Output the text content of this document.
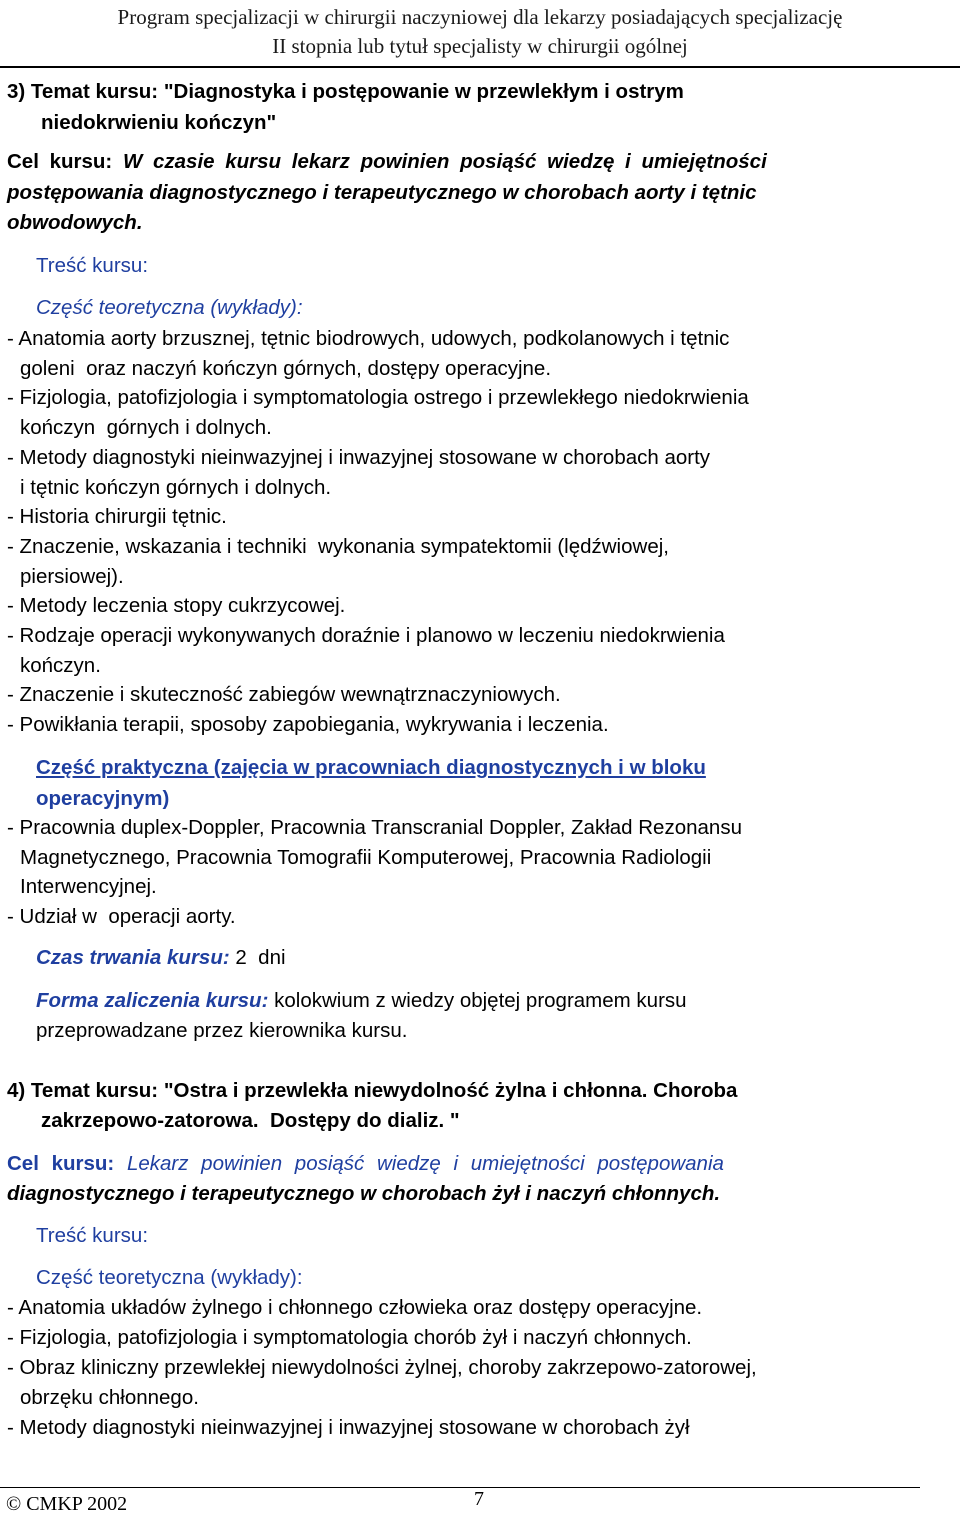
Program specjalizacji w chirurgii naczyniowej dla lekarzy posiadających specjalizację
II stopnia lub tytuł specjalisty w chirurgii ogólnej
3) Temat kursu: "Diagnostyka i postępowanie w przewlekłym i ostrym
niedokrwieniu kończyn"
Cel kursu: W czasie kursu lekarz powinien posiąść wiedzę i umiejętności
postępowania diagnostycznego i terapeutycznego w chorobach aorty i tętnic
obwodowych.
Treść kursu:
Część teoretyczna (wykłady):
- Anatomia aorty brzusznej, tętnic biodrowych, udowych, podkolanowych i tętnic
goleni  oraz naczyń kończyn górnych, dostępy operacyjne.
- Fizjologia, patofizjologia i symptomatologia ostrego i przewlekłego niedokrwienia
kończyn  górnych i dolnych.
- Metody diagnostyki nieinwazyjnej i inwazyjnej stosowane w chorobach aorty
i tętnic kończyn górnych i dolnych.
- Historia chirurgii tętnic.
- Znaczenie, wskazania i techniki  wykonania sympatektomii (lędźwiowej,
piersiowej).
- Metody leczenia stopy cukrzycowej.
- Rodzaje operacji wykonywanych doraźnie i planowo w leczeniu niedokrwienia
kończyn.
- Znaczenie i skuteczność zabiegów wewnątrznaczyniowych.
- Powikłania terapii, sposoby zapobiegania, wykrywania i leczenia.
Część praktyczna (zajęcia w pracowniach diagnostycznych i w bloku
operacyjnym)
- Pracownia duplex-Doppler, Pracownia Transcranial Doppler, Zakład Rezonansu
Magnetycznego, Pracownia Tomografii Komputerowej, Pracownia Radiologii
Interwencyjnej.
- Udział w  operacji aorty.
Czas trwania kursu: 2  dni
Forma zaliczenia kursu: kolokwium z wiedzy objętej programem kursu
przeprowadzane przez kierownika kursu.
4) Temat kursu: "Ostra i przewlekła niewydolność żylna i chłonna. Choroba
zakrzepowo-zatorowa.  Dostępy do dializ. "
Cel kursu: Lekarz powinien posiąść wiedzę i umiejętności postępowania
diagnostycznego i terapeutycznego w chorobach żył i naczyń chłonnych.
Treść kursu:
Część teoretyczna (wykłady):
- Anatomia układów żylnego i chłonnego człowieka oraz dostępy operacyjne.
- Fizjologia, patofizjologia i symptomatologia chorób żył i naczyń chłonnych.
- Obraz kliniczny przewlekłej niewydolności żylnej, choroby zakrzepowo-zatorowej,
obrzęku chłonnego.
- Metody diagnostyki nieinwazyjnej i inwazyjnej stosowane w chorobach żył
© CMKP 2002	7
